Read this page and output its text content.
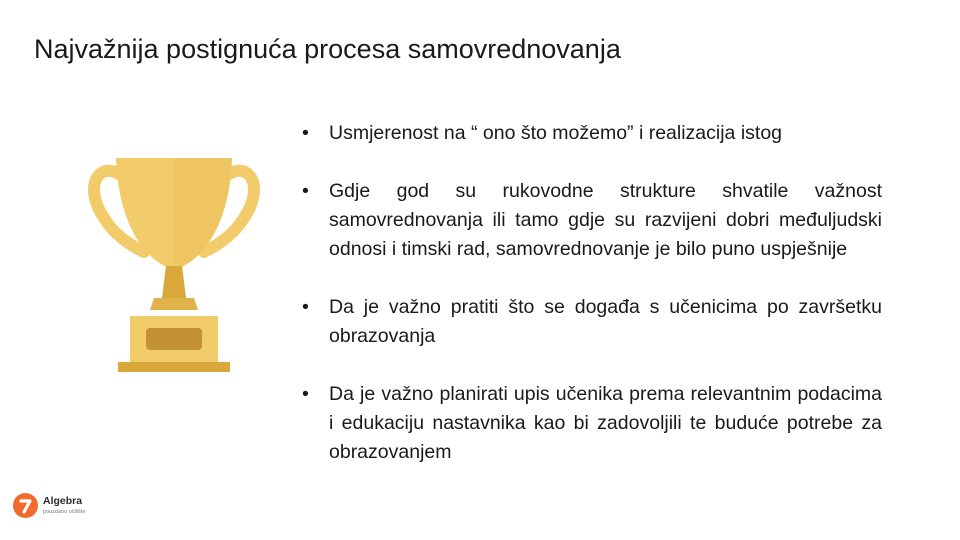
Najvažnija postignuća procesa samovrednovanja
• Usmjerenost na “ ono što možemo” i realizacija istog
• Gdje god su rukovodne strukture shvatile važnost samovrednovanja ili tamo gdje su razvijeni dobri međuljudski odnosi i timski rad, samovrednovanje je bilo puno uspješnije
• Da je važno pratiti što se događa s učenicima po završetku obrazovanja
• Da je važno planirati upis učenika prema relevantnim podacima i edukaciju nastavnika kao bi zadovoljili te buduće potrebe za obrazovanjem
Algebra
pouzdano učilište
